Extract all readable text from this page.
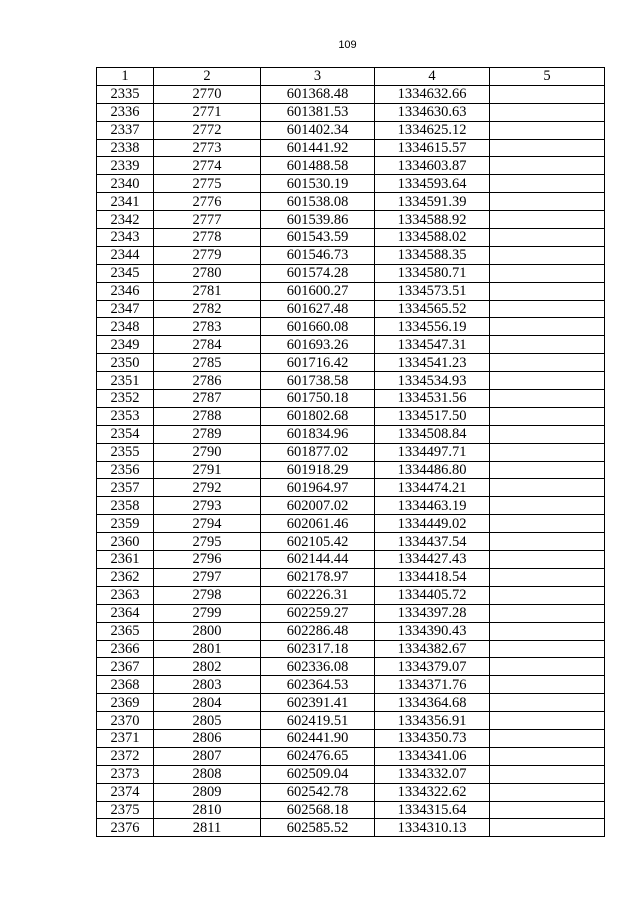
109
1	2	3	4	5
2335	2770	601368.48	1334632.66	
2336	2771	601381.53	1334630.63	
2337	2772	601402.34	1334625.12	
2338	2773	601441.92	1334615.57	
2339	2774	601488.58	1334603.87	
2340	2775	601530.19	1334593.64	
2341	2776	601538.08	1334591.39	
2342	2777	601539.86	1334588.92	
2343	2778	601543.59	1334588.02	
2344	2779	601546.73	1334588.35	
2345	2780	601574.28	1334580.71	
2346	2781	601600.27	1334573.51	
2347	2782	601627.48	1334565.52	
2348	2783	601660.08	1334556.19	
2349	2784	601693.26	1334547.31	
2350	2785	601716.42	1334541.23	
2351	2786	601738.58	1334534.93	
2352	2787	601750.18	1334531.56	
2353	2788	601802.68	1334517.50	
2354	2789	601834.96	1334508.84	
2355	2790	601877.02	1334497.71	
2356	2791	601918.29	1334486.80	
2357	2792	601964.97	1334474.21	
2358	2793	602007.02	1334463.19	
2359	2794	602061.46	1334449.02	
2360	2795	602105.42	1334437.54	
2361	2796	602144.44	1334427.43	
2362	2797	602178.97	1334418.54	
2363	2798	602226.31	1334405.72	
2364	2799	602259.27	1334397.28	
2365	2800	602286.48	1334390.43	
2366	2801	602317.18	1334382.67	
2367	2802	602336.08	1334379.07	
2368	2803	602364.53	1334371.76	
2369	2804	602391.41	1334364.68	
2370	2805	602419.51	1334356.91	
2371	2806	602441.90	1334350.73	
2372	2807	602476.65	1334341.06	
2373	2808	602509.04	1334332.07	
2374	2809	602542.78	1334322.62	
2375	2810	602568.18	1334315.64	
2376	2811	602585.52	1334310.13	
